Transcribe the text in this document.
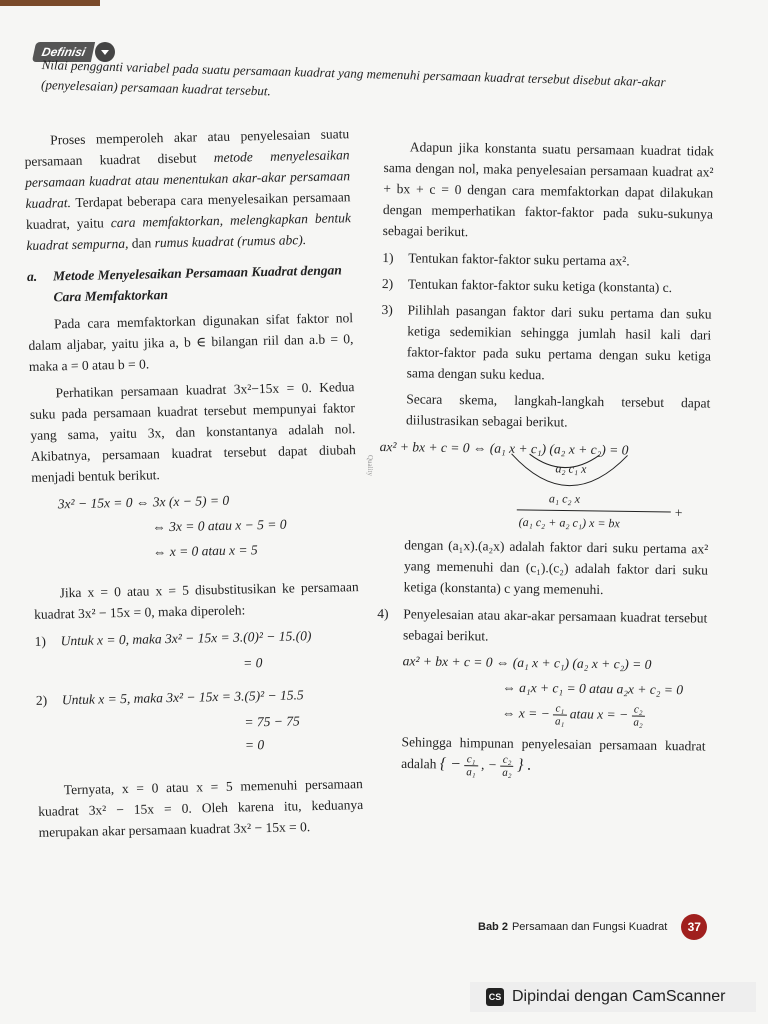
Definisi
Nilai pengganti variabel pada suatu persamaan kuadrat yang memenuhi persamaan kuadrat tersebut disebut akar-akar (penyelesaian) persamaan kuadrat tersebut.

Proses memperoleh akar atau penyelesaian suatu persamaan kuadrat disebut metode menyelesaikan persamaan kuadrat atau menentukan akar-akar persamaan kuadrat. Terdapat beberapa cara menyelesaikan persamaan kuadrat, yaitu cara memfaktorkan, melengkapkan bentuk kuadrat sempurna, dan rumus kuadrat (rumus abc).

a.	Metode Menyelesaikan Persamaan Kuadrat dengan Cara Memfaktorkan

Pada cara memfaktorkan digunakan sifat faktor nol dalam aljabar, yaitu jika a, b ∈ bilangan riil dan a.b = 0, maka a = 0 atau b = 0.

Perhatikan persamaan kuadrat 3x²−15x = 0. Kedua suku pada persamaan kuadrat tersebut mempunyai faktor yang sama, yaitu 3x, dan konstantanya adalah nol. Akibatnya, persamaan kuadrat tersebut dapat diubah menjadi bentuk berikut.

3x² − 15x = 0 ⇔ 3x (x − 5) = 0
⇔ 3x = 0 atau x − 5 = 0
⇔ x = 0 atau x = 5

Jika x = 0 atau x = 5 disubstitusikan ke persamaan kuadrat 3x² − 15x = 0, maka diperoleh:

1)	Untuk x = 0, maka 3x² − 15x = 3.(0)² − 15.(0)
= 0
2)	Untuk x = 5, maka 3x² − 15x = 3.(5)² − 15.5
= 75 − 75
= 0

Ternyata, x = 0 atau x = 5 memenuhi persamaan kuadrat 3x² − 15x = 0. Oleh karena itu, keduanya merupakan akar persamaan kuadrat 3x² − 15x = 0.

Quality

Adapun jika konstanta suatu persamaan kuadrat tidak sama dengan nol, maka penyelesaian persamaan kuadrat ax² + bx + c = 0 dengan cara memfaktorkan dapat dilakukan dengan memperhatikan faktor-faktor pada suku-sukunya sebagai berikut.

1)	Tentukan faktor-faktor suku pertama ax².
2)	Tentukan faktor-faktor suku ketiga (konstanta) c.
3)	Pilihlah pasangan faktor dari suku pertama dan suku ketiga sedemikian sehingga jumlah hasil kali dari faktor-faktor pada suku pertama dengan suku ketiga sama dengan suku kedua.

Secara skema, langkah-langkah tersebut dapat diilustrasikan sebagai berikut.

ax² + bx + c = 0 ⇔ (a₁ x + c₁) (a₂ x + c₂) = 0
a₂ c₁ x
a₁ c₂ x
+
(a₁ c₂ + a₂ c₁) x = bx

dengan (a₁x).(a₂x) adalah faktor dari suku pertama ax² yang memenuhi dan (c₁).(c₂) adalah faktor dari suku ketiga (konstanta) c yang memenuhi.

4)	Penyelesaian atau akar-akar persamaan kuadrat tersebut sebagai berikut.
ax² + bx + c = 0 ⇔ (a₁ x + c₁) (a₂ x + c₂) = 0
⇔ a₁x + c₁ = 0 atau a₂x + c₂ = 0
⇔ x = − $\frac{\text{c₁}}{\text{a₁}}$ atau x = − $\frac{\text{c₂}}{\text{a₂}}$

Sehingga himpunan penyelesaian persamaan kuadrat adalah { − $\frac{\text{c₁}}{\text{a₁}}$ , − $\frac{\text{c₂}}{\text{a₂}}$ } .

Bab 2 Persamaan dan Fungsi Kuadrat	37
CS Dipindai dengan CamScanner
